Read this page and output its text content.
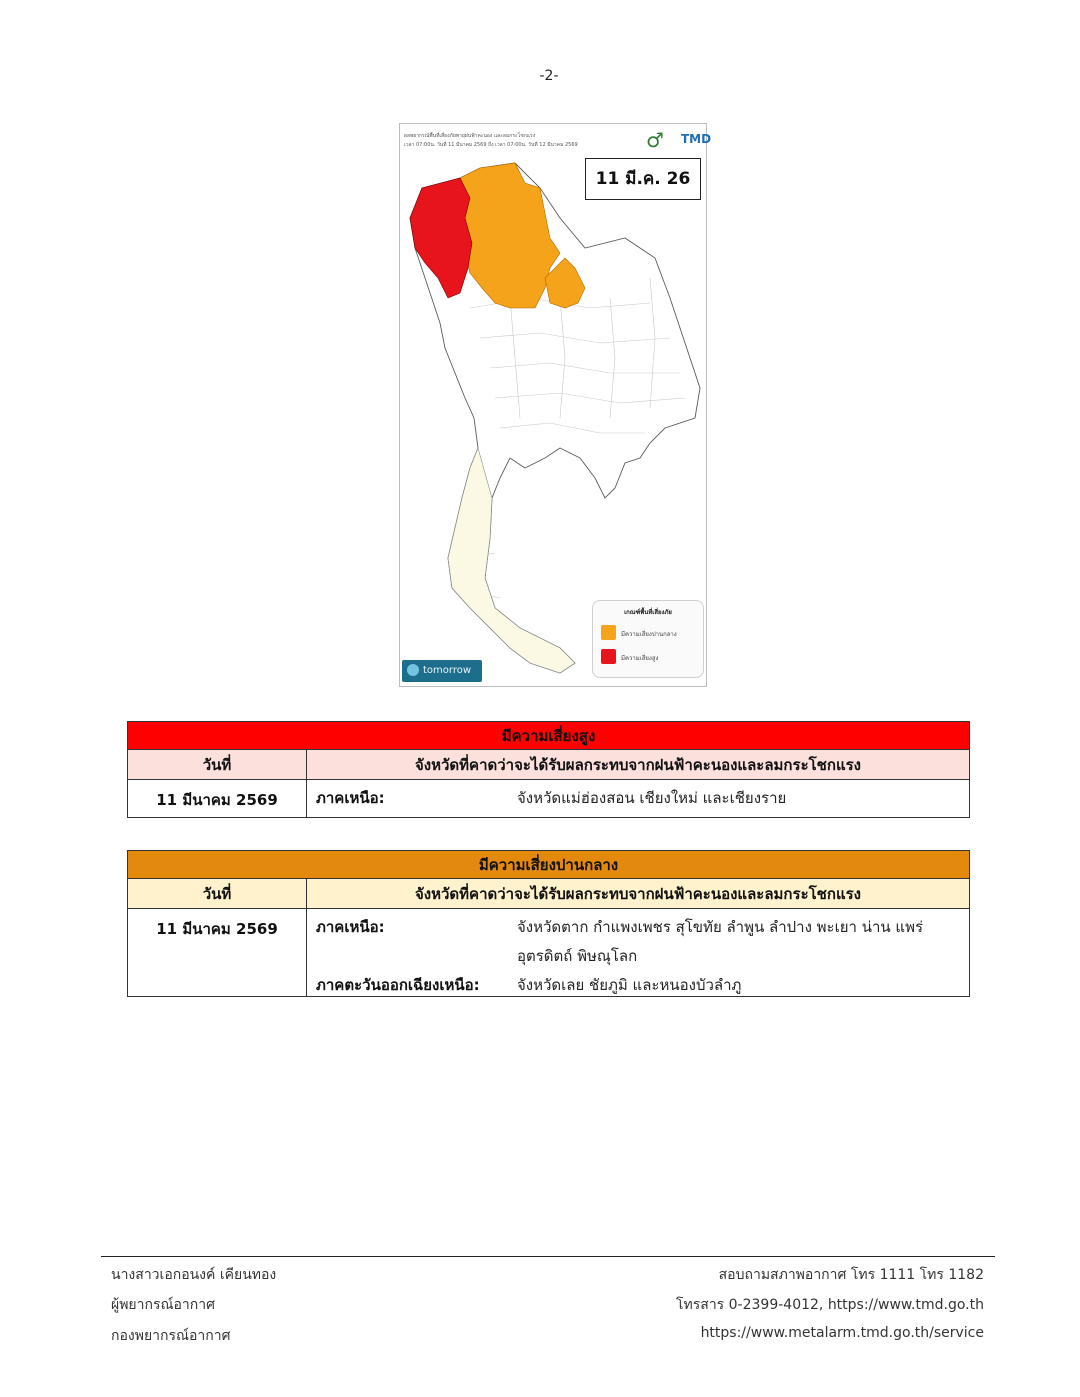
-2-
ผลพยากรณ์พื้นที่เสี่ยงภัยพายุฝนฟ้าคะนอง และลมกระโชกแรง
เวลา 07:00น. วันที่ 11 มีนาคม 2569 ถึง เวลา 07:00น. วันที่ 12 มีนาคม 2569	♂ TMD
11 มี.ค. 26
เกณฑ์พื้นที่เสี่ยงภัย
มีความเสี่ยงปานกลาง
มีความเสี่ยงสูง
tomorrow
มีความเสี่ยงสูง	
วันที่	จังหวัดที่คาดว่าจะได้รับผลกระทบจากฝนฟ้าคะนองและลมกระโชกแรง
11 มีนาคม 2569	ภาคเหนือ: จังหวัดแม่ฮ่องสอน เชียงใหม่ และเชียงราย
มีความเสี่ยงปานกลาง	
วันที่	จังหวัดที่คาดว่าจะได้รับผลกระทบจากฝนฟ้าคะนองและลมกระโชกแรง
11 มีนาคม 2569	ภาคเหนือ: จังหวัดตาก กำแพงเพชร สุโขทัย ลำพูน ลำปาง พะเยา น่าน แพร่
อุตรดิตถ์ พิษณุโลก
ภาคตะวันออกเฉียงเหนือ: จังหวัดเลย ชัยภูมิ และหนองบัวลำภู
นางสาวเอกอนงค์ เคียนทอง
ผู้พยากรณ์อากาศ
กองพยากรณ์อากาศ
สอบถามสภาพอากาศ โทร 1111 โทร 1182
โทรสาร 0-2399-4012, https://www.tmd.go.th
https://www.metalarm.tmd.go.th/service
